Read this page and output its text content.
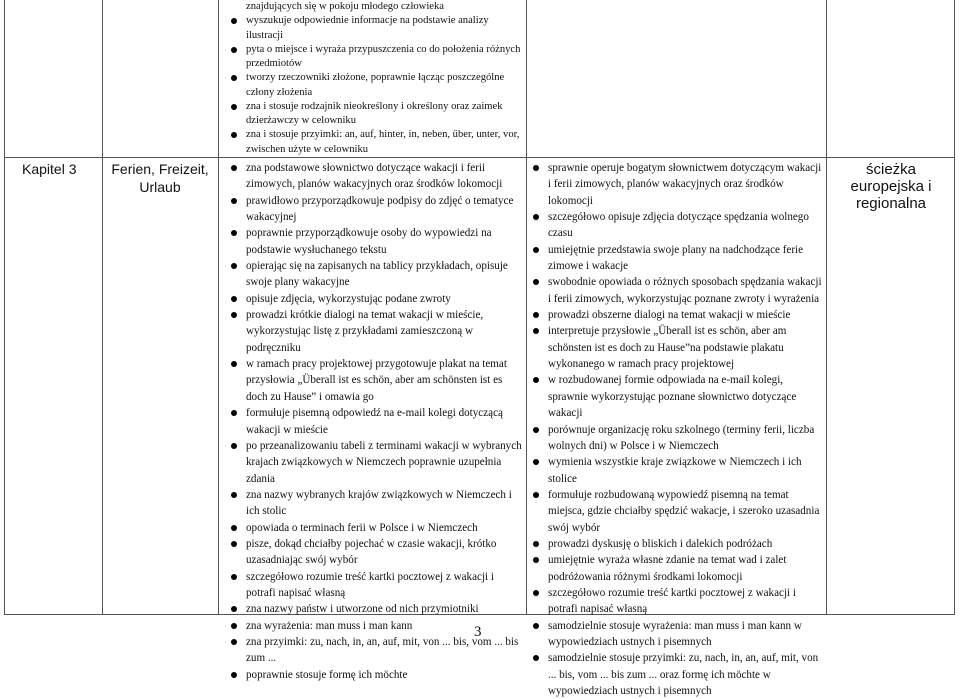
znajdujących się w pokoju młodego człowieka
wyszukuje odpowiednie informacje na podstawie analizy ilustracji
pyta o miejsce i wyraża przypuszczenia co do położenia różnych przedmiotów
tworzy rzeczowniki złożone, poprawnie łącząc poszczególne człony złożenia
zna i stosuje rodzajnik nieokreślony i określony oraz zaimek dzierżawczy w celowniku
zna i stosuje przyimki: an, auf, hinter, in, neben, über, unter, vor, zwischen użyte w celowniku
Kapitel 3	Ferien, Freizeit, Urlaub
zna podstawowe słownictwo dotyczące wakacji i ferii zimowych, planów wakacyjnych oraz środków lokomocji
prawidłowo przyporządkowuje podpisy do zdjęć o tematyce wakacyjnej
poprawnie przyporządkowuje osoby do wypowiedzi na podstawie wysłuchanego tekstu
opierając się na zapisanych na tablicy przykładach, opisuje swoje plany wakacyjne
opisuje zdjęcia, wykorzystując podane zwroty
prowadzi krótkie dialogi na temat wakacji w mieście, wykorzystując listę z przykładami zamieszczoną w podręczniku
w ramach pracy projektowej przygotowuje plakat na temat przysłowia „Überall ist es schön, aber am schönsten ist es doch zu Hause” i omawia go
formułuje pisemną odpowiedź na e-mail kolegi dotyczącą wakacji w mieście
po przeanalizowaniu tabeli z terminami wakacji w wybranych krajach związkowych w Niemczech poprawnie uzupełnia zdania
zna nazwy wybranych krajów związkowych w Niemczech i ich stolic
opowiada o terminach ferii w Polsce i w Niemczech
pisze, dokąd chciałby pojechać w czasie wakacji, krótko uzasadniając swój wybór
szczegółowo rozumie treść kartki pocztowej z wakacji i potrafi napisać własną
zna nazwy państw i utworzone od nich przymiotniki
zna wyrażenia: man muss i man kann
zna przyimki: zu, nach, in, an, auf, mit, von ... bis, vom ... bis zum ...
poprawnie stosuje formę ich möchte
sprawnie operuje bogatym słownictwem dotyczącym wakacji i ferii zimowych, planów wakacyjnych oraz środków lokomocji
szczegółowo opisuje zdjęcia dotyczące spędzania wolnego czasu
umiejętnie przedstawia swoje plany na nadchodzące ferie zimowe i wakacje
swobodnie opowiada o różnych sposobach spędzania wakacji i ferii zimowych, wykorzystując poznane zwroty i wyrażenia
prowadzi obszerne dialogi na temat wakacji w mieście
interpretuje przysłowie „Überall ist es schön, aber am schönsten ist es doch zu Hause”na podstawie plakatu wykonanego w ramach pracy projektowej
w rozbudowanej formie odpowiada na e-mail kolegi, sprawnie wykorzystując poznane słownictwo dotyczące wakacji
porównuje organizację roku szkolnego (terminy ferii, liczba wolnych dni) w Polsce i w Niemczech
wymienia wszystkie kraje związkowe w Niemczech i ich stolice
formułuje rozbudowaną wypowiedź pisemną na temat miejsca, gdzie chciałby spędzić wakacje, i szeroko uzasadnia swój wybór
prowadzi dyskusję o bliskich i dalekich podróżach
umiejętnie wyraża własne zdanie na temat wad i zalet podróżowania różnymi środkami lokomocji
szczegółowo rozumie treść kartki pocztowej z wakacji i potrafi napisać własną
samodzielnie stosuje wyrażenia: man muss i man kann w wypowiedziach ustnych i pisemnych
samodzielnie stosuje przyimki: zu, nach, in, an, auf, mit, von ... bis, vom ... bis zum ... oraz formę ich möchte w wypowiedziach ustnych i pisemnych
ścieżka europejska i regionalna
3
